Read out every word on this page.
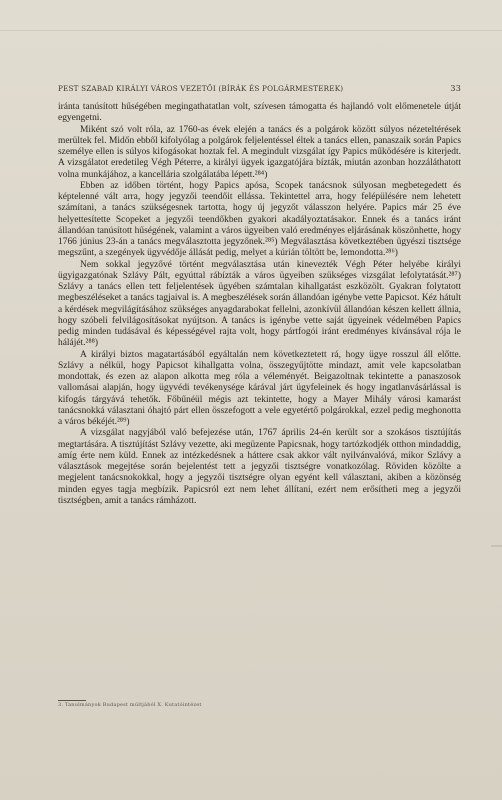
PEST SZABAD KIRÁLYI VÁROS VEZETŐI (BÍRÁK ÉS POLGÁRMESTEREK)	33

iránta tanúsított hűségében megingathatatlan volt, szívesen támogatta és hajlandó volt előmenetele útját egyengetni.

Miként szó volt róla, az 1760-as évek elején a tanács és a polgárok között súlyos nézeteltérések merültek fel. Midőn ebből kifolyólag a polgárok feljelentéssel éltek a tanács ellen, panaszaik során Papics személye ellen is súlyos kifogásokat hoztak fel. A megindult vizsgálat így Papics működésére is kiterjedt. A vizsgálatot eredetileg Végh Péterre, a királyi ügyek igazgatójára bízták, miután azonban hozzáláthatott volna munkájához, a kancellária szolgálatába lépett.²⁸⁴)

Ebben az időben történt, hogy Papics apósa, Scopek tanácsnok súlyosan megbetegedett és képtelenné vált arra, hogy jegyzői teendőit ellássa. Tekintettel arra, hogy felépülésére nem lehetett számítani, a tanács szükségesnek tartotta, hogy új jegyzőt válasszon helyére. Papics már 25 éve helyettesítette Scopeket a jegyzői teendőkben gyakori akadályoztatásakor. Ennek és a tanács iránt állandóan tanúsított hűségének, valamint a város ügyeiben való eredményes eljárásának köszönhette, hogy 1766 június 23-án a tanács megválasztotta jegyzőnek.²⁸⁵) Megválasztása következtében ügyészi tisztsége megszűnt, a szegények ügyvédője állását pedig, melyet a kúrián töltött be, lemondotta.²⁸⁶)

Nem sokkal jegyzővé történt megválasztása után kinevezték Végh Péter helyébe királyi ügyigazgatónak Szlávy Pált, egyúttal rábízták a város ügyeiben szükséges vizsgálat lefolytatását.²⁸⁷) Szlávy a tanács ellen tett feljelentések ügyében számtalan kihallgatást eszközölt. Gyakran folytatott megbeszéléseket a tanács tagjaival is. A megbeszélések során állandóan igénybe vette Papicsot. Kéz hátult a kérdések megvilágításához szükséges anyagdarabokat fellelni, azonkívül állandóan készen kellett állnia, hogy szóbeli felvilágosításokat nyújtson. A tanács is igénybe vette saját ügyeinek védelmében Papics pedig minden tudásával és képességével rajta volt, hogy pártfogói iránt eredményes kívánsával rója le hálájét.²⁸⁸)

A királyi biztos magatartásából egyáltalán nem következtetett rá, hogy ügye rosszul áll előtte. Szlávy a nélkül, hogy Papicsot kihallgatta volna, összegyűjtötte mindazt, amit vele kapcsolatban mondottak, és ezen az alapon alkotta meg róla a véleményét. Beigazoltnak tekintette a panaszosok vallomásai alapján, hogy ügyvédi tevékenysége kárával járt ügyfeleinek és hogy ingatlanvásárlással is kifogás tárgyává tehetők. Főbűnéül mégis azt tekintette, hogy a Mayer Mihály városi kamarást tanácsnokká választani óhajtó párt ellen összefogott a vele egyetértő polgárokkal, ezzel pedig meghonotta a város békéjét.²⁸⁹)

A vizsgálat nagyjából való befejezése után, 1767 április 24-én került sor a szokásos tisztújítás megtartására. A tisztújítást Szlávy vezette, aki megüzente Papicsnak, hogy tartózkodjék otthon mindaddig, amíg érte nem küld. Ennek az intézkedésnek a hátterе csak akkor vált nyilvánvalóvá, mikor Szlávy a választások megejtése során bejelentést tett a jegyzői tisztségre vonatkozólag. Röviden közölte a megjelent tanácsnokokkal, hogy a jegyzői tisztségre olyan egyént kell választani, akiben a közönség minden egyes tagja megbízik. Papicsról ezt nem lehet állítani, ezért nem erősítheti meg a jegyzői tisztségben, amit a tanács rámházott.

3. Tanulmányok Budapest múltjából X. Kutatóintézet
